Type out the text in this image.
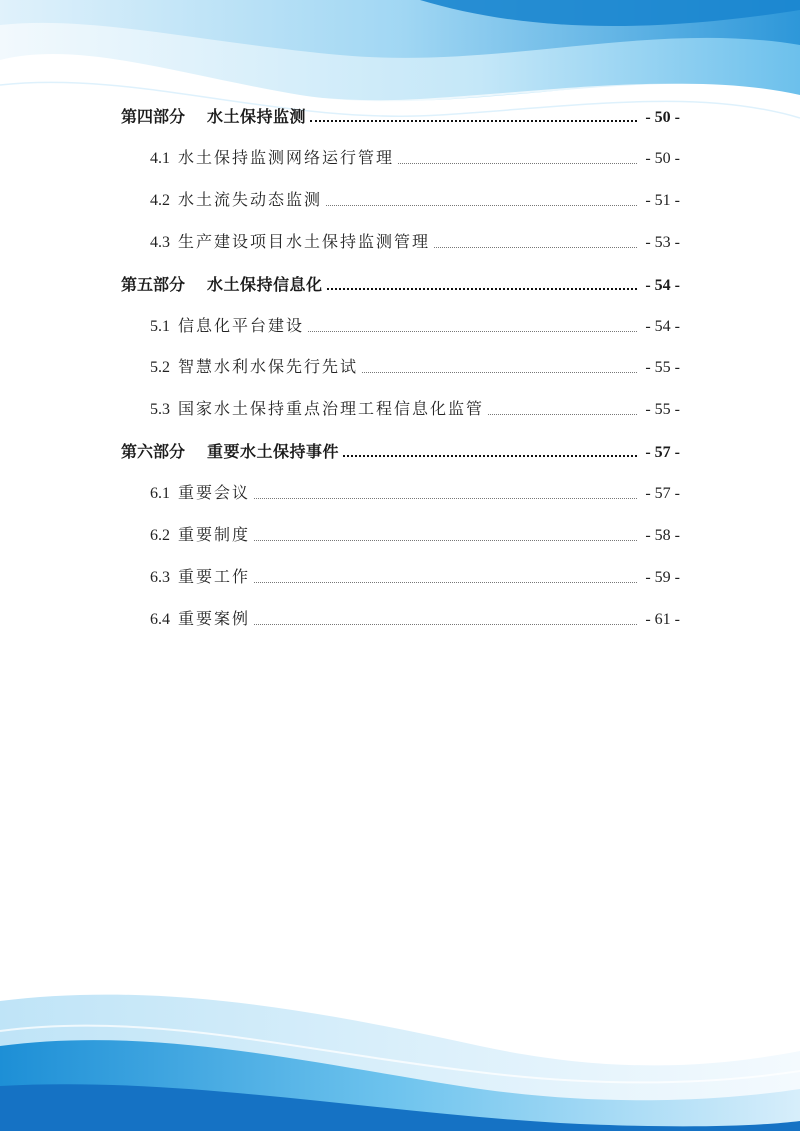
第四部分 水土保持监测	- 50 -
4.1 水土保持监测网络运行管理	- 50 -
4.2 水土流失动态监测	- 51 -
4.3 生产建设项目水土保持监测管理	- 53 -
第五部分 水土保持信息化	- 54 -
5.1 信息化平台建设	- 54 -
5.2 智慧水利水保先行先试	- 55 -
5.3 国家水土保持重点治理工程信息化监管	- 55 -
第六部分 重要水土保持事件	- 57 -
6.1 重要会议	- 57 -
6.2 重要制度	- 58 -
6.3 重要工作	- 59 -
6.4 重要案例	- 61 -
